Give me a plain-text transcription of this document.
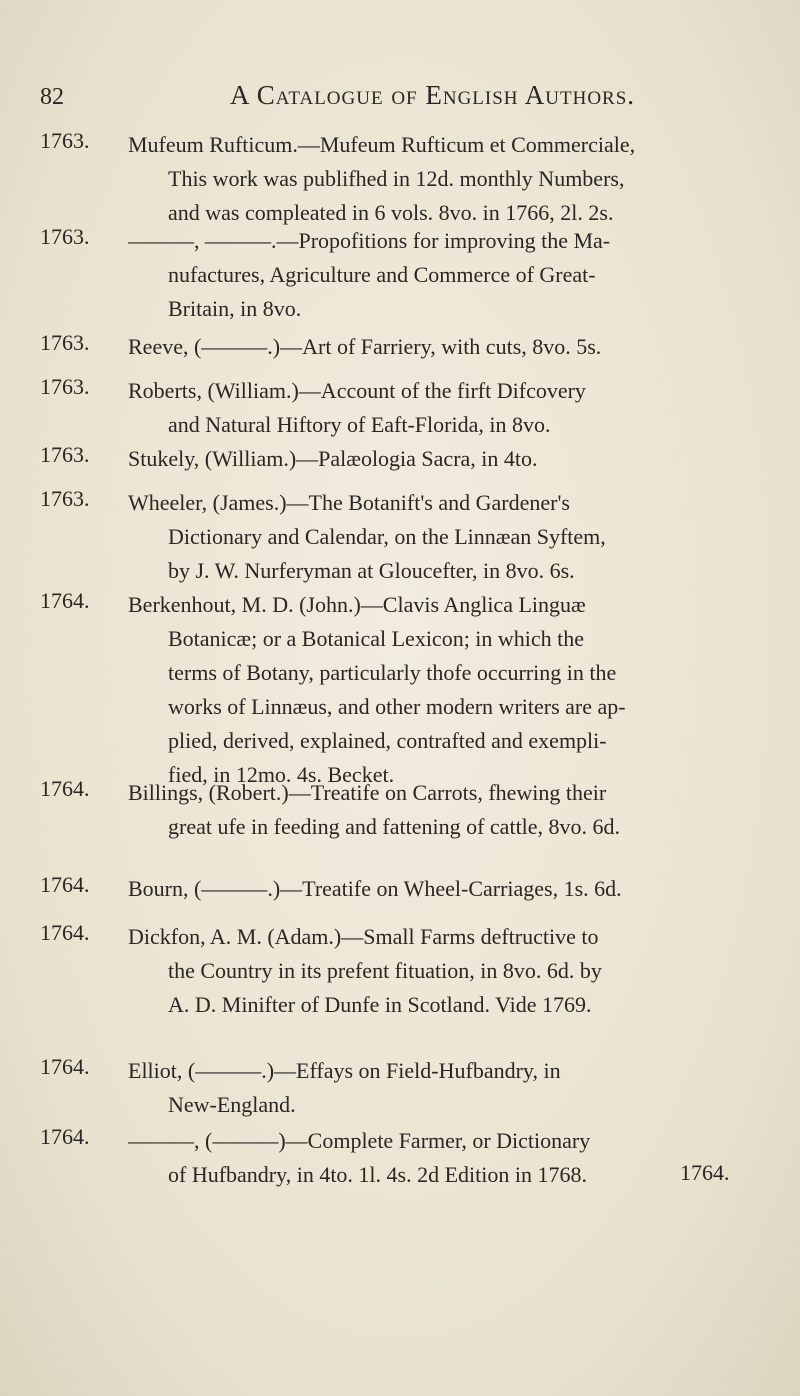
82	A Catalogue of English Authors.
1763.	Mufeum Rufticum.—Mufeum Rufticum et Commerciale,
This work was publifhed in 12d. monthly Numbers,
and was compleated in 6 vols. 8vo. in 1766, 2l. 2s.
1763.	———, ———.—Propofitions for improving the Ma-
nufactures, Agriculture and Commerce of Great-
Britain, in 8vo.
1763.	Reeve, (———.)—Art of Farriery, with cuts, 8vo. 5s.
1763.	Roberts, (William.)—Account of the firft Difcovery
and Natural Hiftory of Eaft-Florida, in 8vo.
1763.	Stukely, (William.)—Palæologia Sacra, in 4to.
1763.	Wheeler, (James.)—The Botanift's and Gardener's
Dictionary and Calendar, on the Linnæan Syftem,
by J. W. Nurferyman at Gloucefter, in 8vo. 6s.
1764.	Berkenhout, M. D. (John.)—Clavis Anglica Linguæ
Botanicæ; or a Botanical Lexicon; in which the
terms of Botany, particularly thofe occurring in the
works of Linnæus, and other modern writers are ap-
plied, derived, explained, contrafted and exempli-
fied, in 12mo. 4s. Becket.
1764.	Billings, (Robert.)—Treatife on Carrots, fhewing their
great ufe in feeding and fattening of cattle, 8vo. 6d.
1764.	Bourn, (———.)—Treatife on Wheel-Carriages, 1s. 6d.
1764.	Dickfon, A. M. (Adam.)—Small Farms deftructive to
the Country in its prefent fituation, in 8vo. 6d. by
A. D. Minifter of Dunfe in Scotland. Vide 1769.
1764.	Elliot, (———.)—Effays on Field-Hufbandry, in
New-England.
1764.	———, (———)—Complete Farmer, or Dictionary
of Hufbandry, in 4to. 1l. 4s. 2d Edition in 1768.	1764.
